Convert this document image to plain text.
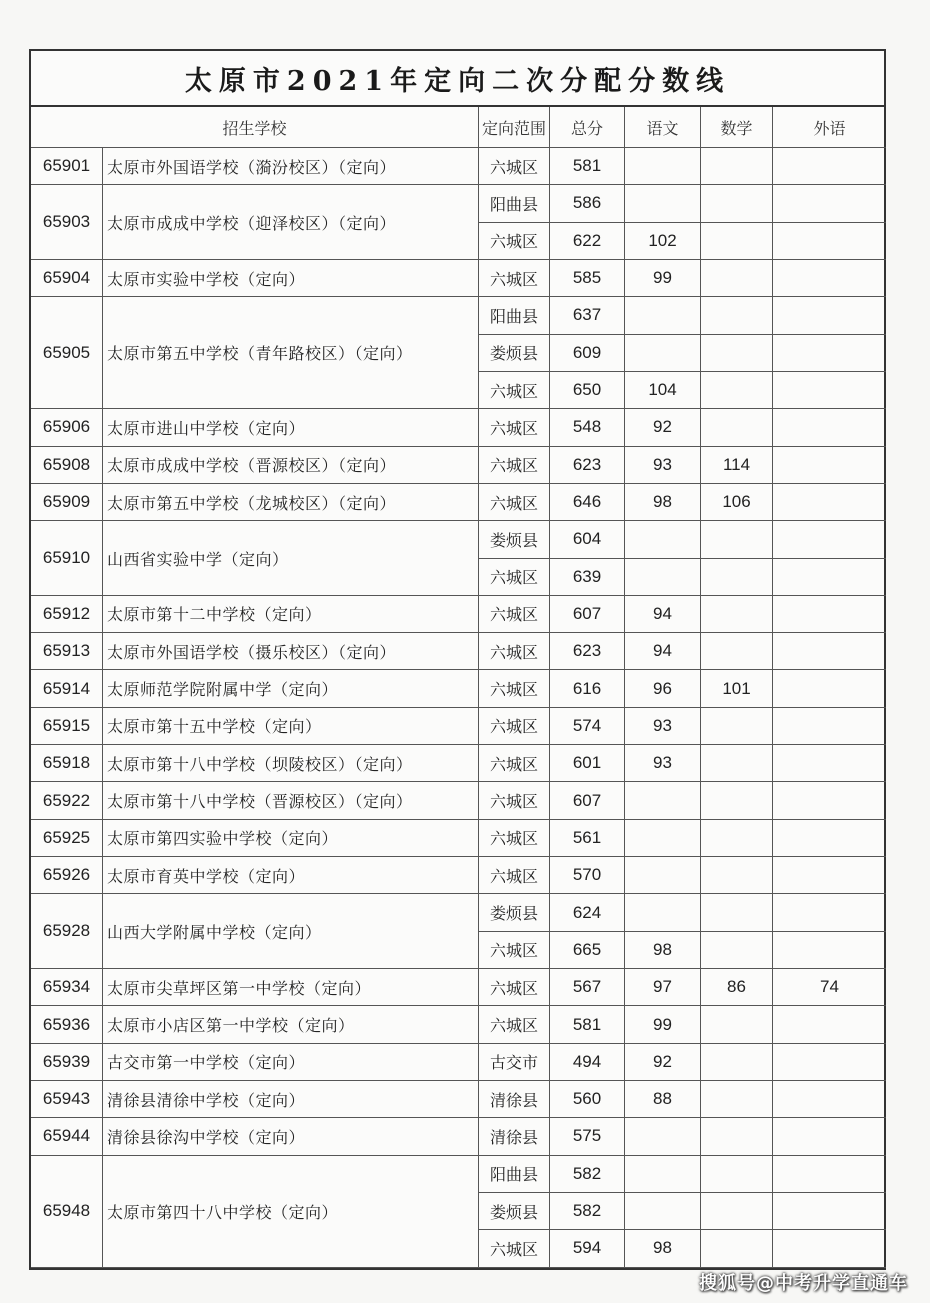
太原市2021年定向二次分配分数线
招生学校	定向范围	总分	语文	数学	外语
65901	太原市外国语学校（漪汾校区）（定向）	六城区	581
65903	太原市成成中学校（迎泽校区）（定向）
阳曲县	586
六城区	622	102
65904	太原市实验中学校（定向）	六城区	585	99
65905	太原市第五中学校（青年路校区）（定向）
阳曲县	637
娄烦县	609
六城区	650	104
65906	太原市进山中学校（定向）	六城区	548	92
65908	太原市成成中学校（晋源校区）（定向）	六城区	623	93	114
65909	太原市第五中学校（龙城校区）（定向）	六城区	646	98	106
65910	山西省实验中学（定向）
娄烦县	604
六城区	639
65912	太原市第十二中学校（定向）	六城区	607	94
65913	太原市外国语学校（摄乐校区）（定向）	六城区	623	94
65914	太原师范学院附属中学（定向）	六城区	616	96	101
65915	太原市第十五中学校（定向）	六城区	574	93
65918	太原市第十八中学校（坝陵校区）（定向）	六城区	601	93
65922	太原市第十八中学校（晋源校区）（定向）	六城区	607
65925	太原市第四实验中学校（定向）	六城区	561
65926	太原市育英中学校（定向）	六城区	570
65928	山西大学附属中学校（定向）
娄烦县	624
六城区	665	98
65934	太原市尖草坪区第一中学校（定向）	六城区	567	97	86	74
65936	太原市小店区第一中学校（定向）	六城区	581	99
65939	古交市第一中学校（定向）	古交市	494	92
65943	清徐县清徐中学校（定向）	清徐县	560	88
65944	清徐县徐沟中学校（定向）	清徐县	575
65948	太原市第四十八中学校（定向）
阳曲县	582
娄烦县	582
六城区	594	98
搜狐号@中考升学直通车
